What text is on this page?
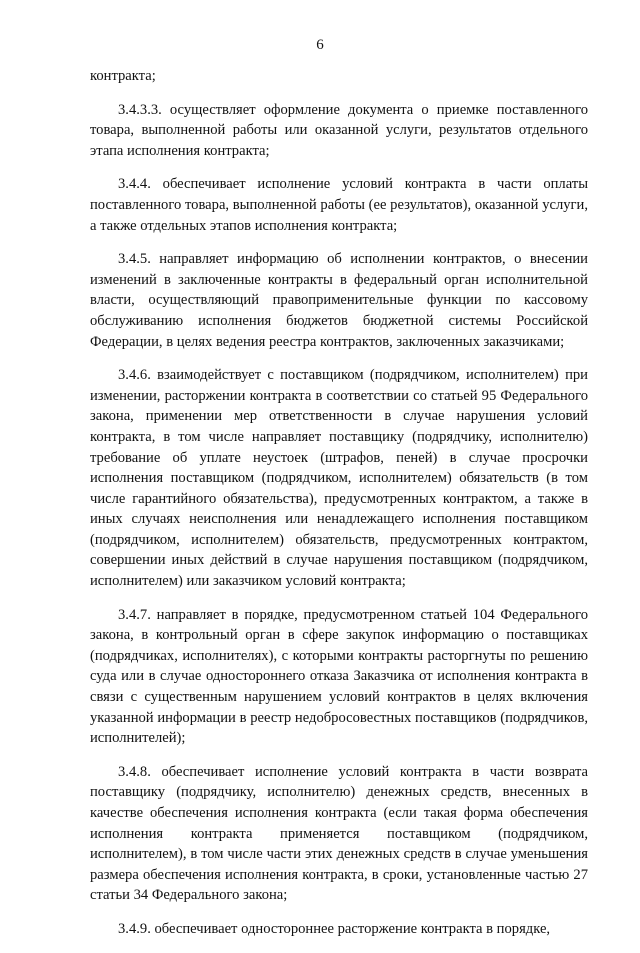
6

контракта;

3.4.3.3. осуществляет оформление документа о приемке поставленного товара, выполненной работы или оказанной услуги, результатов отдельного этапа исполнения контракта;

3.4.4. обеспечивает исполнение условий контракта в части оплаты поставленного товара, выполненной работы (ее результатов), оказанной услуги, а также отдельных этапов исполнения контракта;

3.4.5. направляет информацию об исполнении контрактов, о внесении изменений в заключенные контракты в федеральный орган исполнительной власти, осуществляющий правоприменительные функции по кассовому обслуживанию исполнения бюджетов бюджетной системы Российской Федерации, в целях ведения реестра контрактов, заключенных заказчиками;

3.4.6. взаимодействует с поставщиком (подрядчиком, исполнителем) при изменении, расторжении контракта в соответствии со статьей 95 Федерального закона, применении мер ответственности в случае нарушения условий контракта, в том числе направляет поставщику (подрядчику, исполнителю) требование об уплате неустоек (штрафов, пеней) в случае просрочки исполнения поставщиком (подрядчиком, исполнителем) обязательств (в том числе гарантийного обязательства), предусмотренных контрактом, а также в иных случаях неисполнения или ненадлежащего исполнения поставщиком (подрядчиком, исполнителем) обязательств, предусмотренных контрактом, совершении иных действий в случае нарушения поставщиком (подрядчиком, исполнителем) или заказчиком условий контракта;

3.4.7. направляет в порядке, предусмотренном статьей 104 Федерального закона, в контрольный орган в сфере закупок информацию о поставщиках (подрядчиках, исполнителях), с которыми контракты расторгнуты по решению суда или в случае одностороннего отказа Заказчика от исполнения контракта в связи с существенным нарушением условий контрактов в целях включения указанной информации в реестр недобросовестных поставщиков (подрядчиков, исполнителей);

3.4.8. обеспечивает исполнение условий контракта в части возврата поставщику (подрядчику, исполнителю) денежных средств, внесенных в качестве обеспечения исполнения контракта (если такая форма обеспечения исполнения контракта применяется поставщиком (подрядчиком, исполнителем), в том числе части этих денежных средств в случае уменьшения размера обеспечения исполнения контракта, в сроки, установленные частью 27 статьи 34 Федерального закона;

3.4.9. обеспечивает одностороннее расторжение контракта в порядке,
